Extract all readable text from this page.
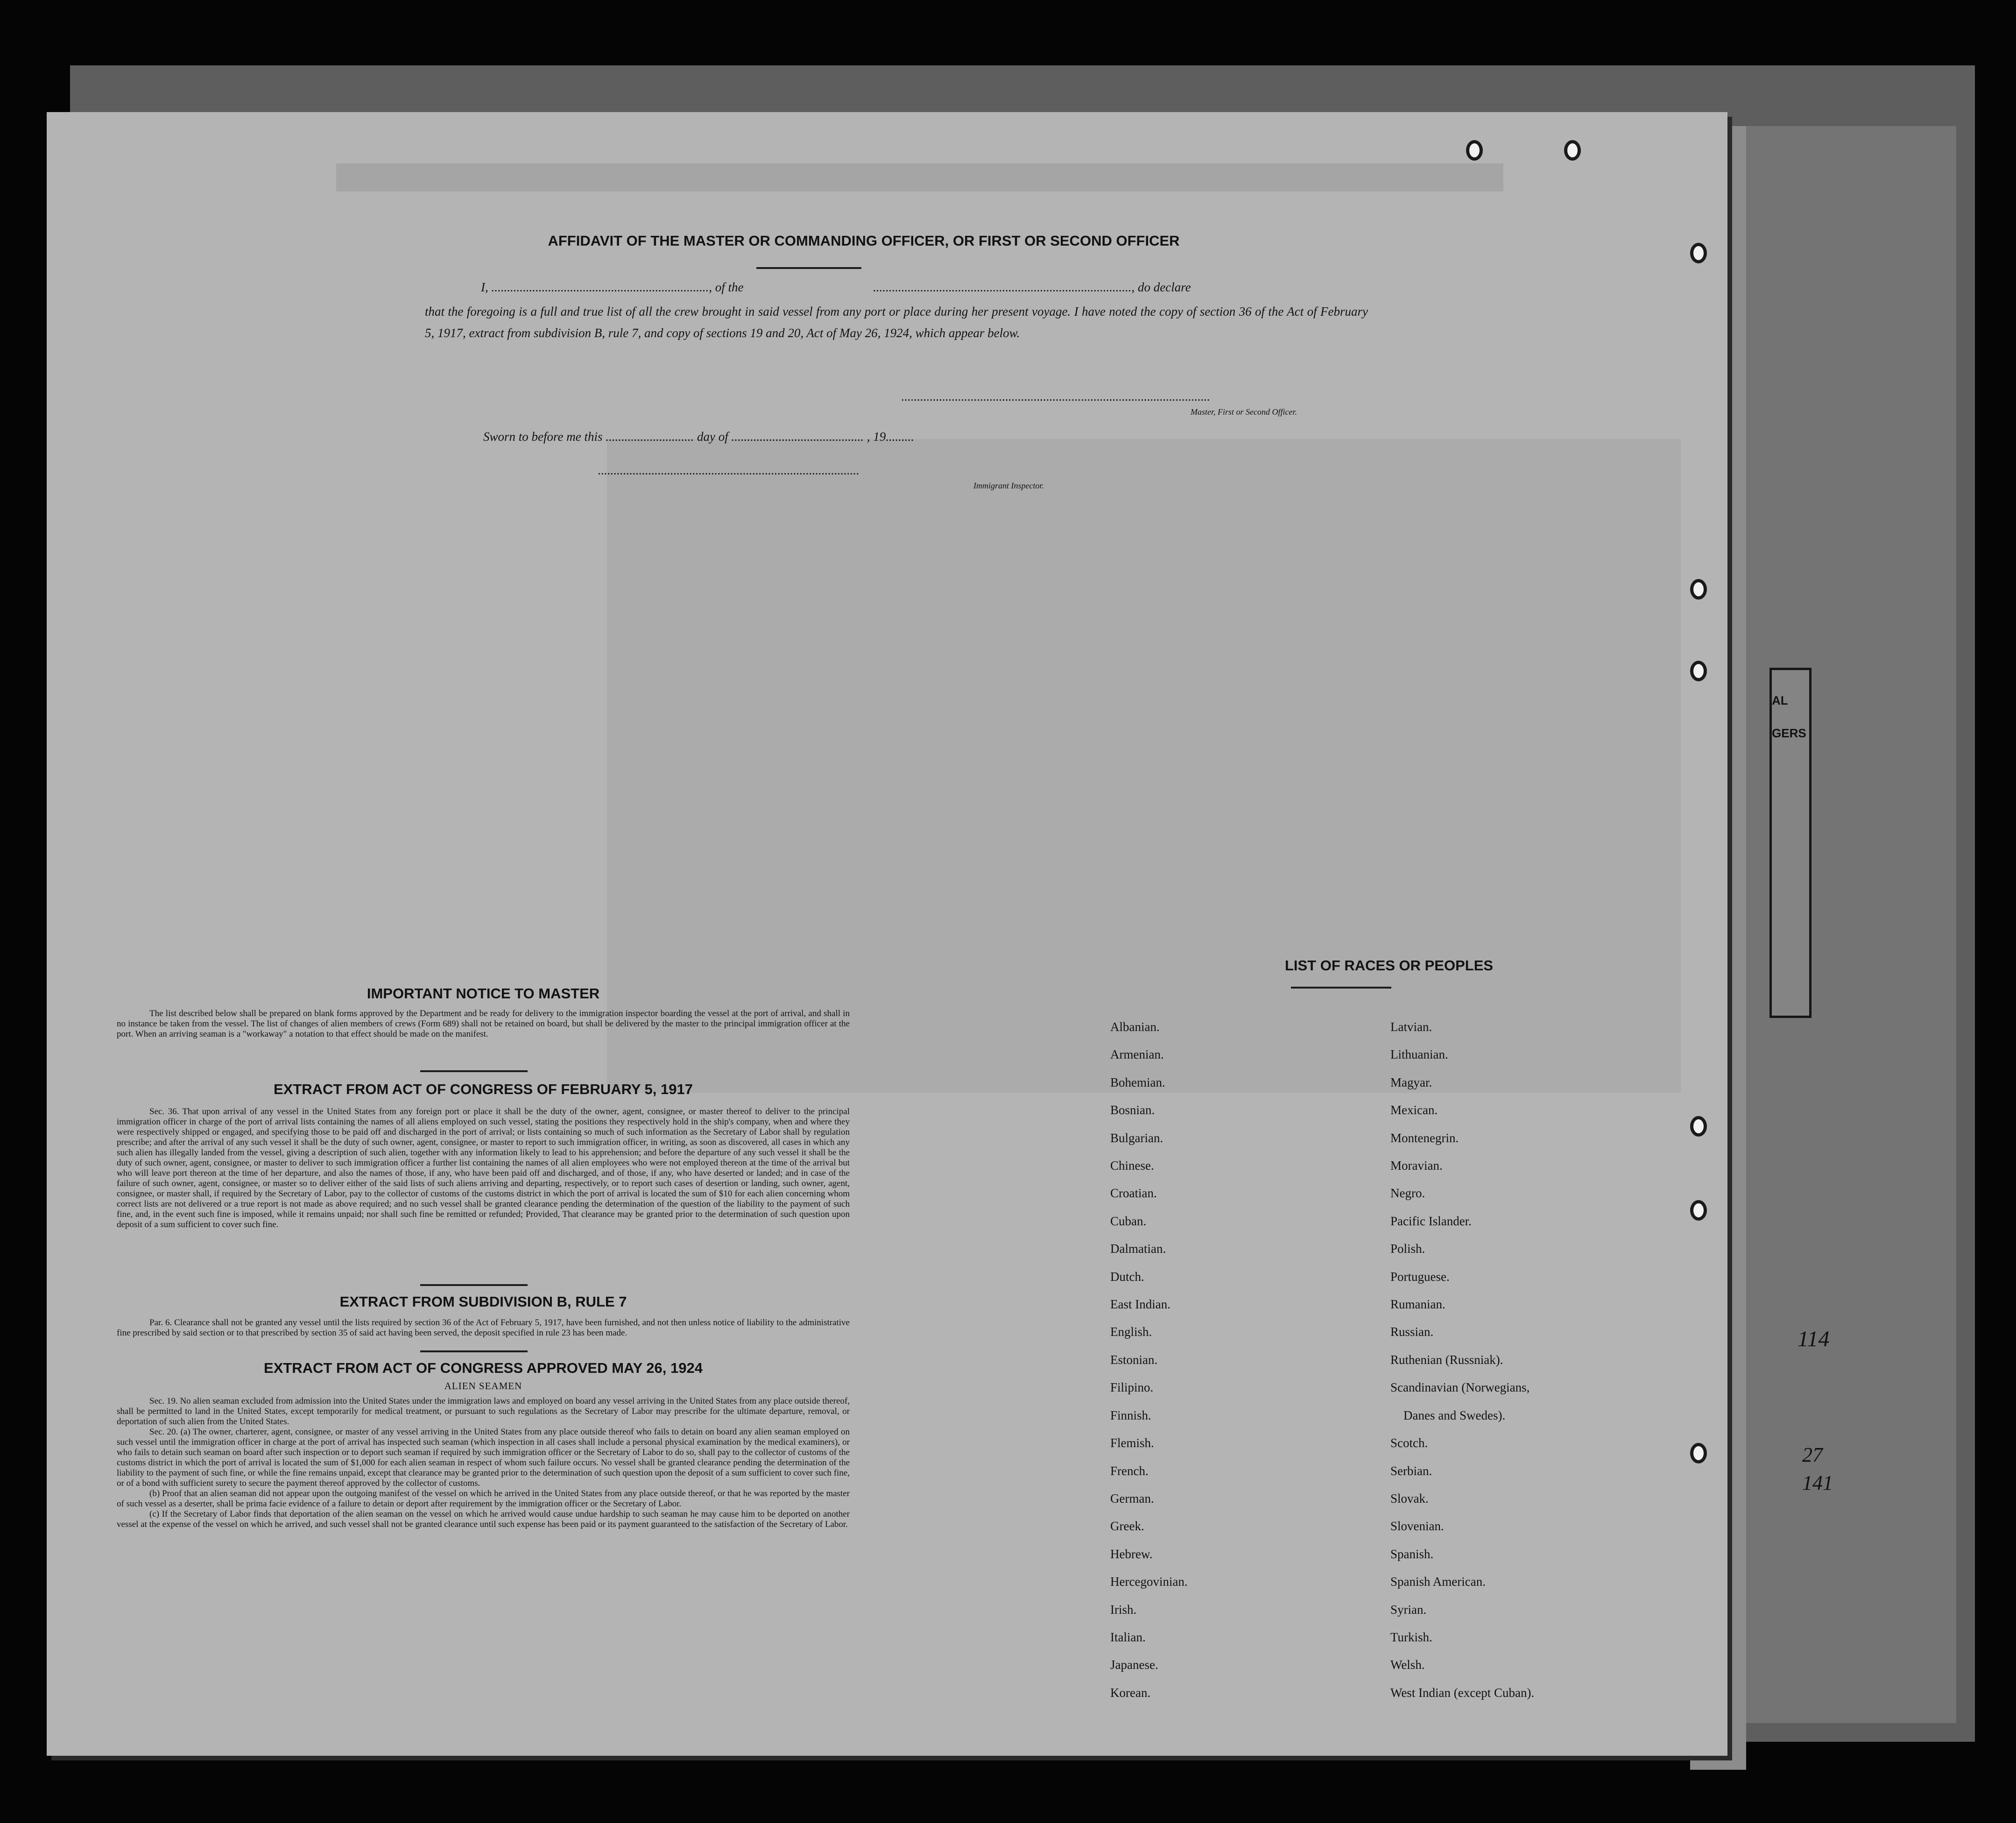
AL
GERS
114
27
141
AFFIDAVIT OF THE MASTER OR COMMANDING OFFICER, OR FIRST OR SECOND OFFICER
I, ....................................................................., of the	.................................................................................., do declare
that the foregoing is a full and true list of all the crew brought in said vessel from any port or place during her present voyage. I have noted the copy of section 36 of the Act of February 5, 1917, extract from subdivision B, rule 7, and copy of sections 19 and 20, Act of May 26, 1924, which appear below.
..................................................................................................
Master, First or Second Officer.
Sworn to before me this ............................ day of .......................................... , 19.........
...................................................................................
Immigrant Inspector.
IMPORTANT NOTICE TO MASTER

The list described below shall be prepared on blank forms approved by the Department and be ready for delivery to the immigration inspector boarding the vessel at the port of arrival, and shall in no instance be taken from the vessel. The list of changes of alien members of crews (Form 689) shall not be retained on board, but shall be delivered by the master to the principal immigration officer at the port. When an arriving seaman is a "workaway" a notation to that effect should be made on the manifest.

EXTRACT FROM ACT OF CONGRESS OF FEBRUARY 5, 1917

Sec. 36. That upon arrival of any vessel in the United States from any foreign port or place it shall be the duty of the owner, agent, consignee, or master thereof to deliver to the principal immigration officer in charge of the port of arrival lists containing the names of all aliens employed on such vessel, stating the positions they respectively hold in the ship's company, when and where they were respectively shipped or engaged, and specifying those to be paid off and discharged in the port of arrival; or lists containing so much of such information as the Secretary of Labor shall by regulation prescribe; and after the arrival of any such vessel it shall be the duty of such owner, agent, consignee, or master to report to such immigration officer, in writing, as soon as discovered, all cases in which any such alien has illegally landed from the vessel, giving a description of such alien, together with any information likely to lead to his apprehension; and before the departure of any such vessel it shall be the duty of such owner, agent, consignee, or master to deliver to such immigration officer a further list containing the names of all alien employees who were not employed thereon at the time of the arrival but who will leave port thereon at the time of her departure, and also the names of those, if any, who have been paid off and discharged, and of those, if any, who have deserted or landed; and in case of the failure of such owner, agent, consignee, or master so to deliver either of the said lists of such aliens arriving and departing, respectively, or to report such cases of desertion or landing, such owner, agent, consignee, or master shall, if required by the Secretary of Labor, pay to the collector of customs of the customs district in which the port of arrival is located the sum of $10 for each alien concerning whom correct lists are not delivered or a true report is not made as above required; and no such vessel shall be granted clearance pending the determination of the question of the liability to the payment of such fine, and, in the event such fine is imposed, while it remains unpaid; nor shall such fine be remitted or refunded; Provided, That clearance may be granted prior to the determination of such question upon deposit of a sum sufficient to cover such fine.

EXTRACT FROM SUBDIVISION B, RULE 7

Par. 6. Clearance shall not be granted any vessel until the lists required by section 36 of the Act of February 5, 1917, have been furnished, and not then unless notice of liability to the administrative fine prescribed by said section or to that prescribed by section 35 of said act having been served, the deposit specified in rule 23 has been made.

EXTRACT FROM ACT OF CONGRESS APPROVED MAY 26, 1924
ALIEN SEAMEN

Sec. 19. No alien seaman excluded from admission into the United States under the immigration laws and employed on board any vessel arriving in the United States from any place outside thereof, shall be permitted to land in the United States, except temporarily for medical treatment, or pursuant to such regulations as the Secretary of Labor may prescribe for the ultimate departure, removal, or deportation of such alien from the United States.

Sec. 20. (a) The owner, charterer, agent, consignee, or master of any vessel arriving in the United States from any place outside thereof who fails to detain on board any alien seaman employed on such vessel until the immigration officer in charge at the port of arrival has inspected such seaman (which inspection in all cases shall include a personal physical examination by the medical examiners), or who fails to detain such seaman on board after such inspection or to deport such seaman if required by such immigration officer or the Secretary of Labor to do so, shall pay to the collector of customs of the customs district in which the port of arrival is located the sum of $1,000 for each alien seaman in respect of whom such failure occurs. No vessel shall be granted clearance pending the determination of the liability to the payment of such fine, or while the fine remains unpaid, except that clearance may be granted prior to the determination of such question upon the deposit of a sum sufficient to cover such fine, or of a bond with sufficient surety to secure the payment thereof approved by the collector of customs.

(b) Proof that an alien seaman did not appear upon the outgoing manifest of the vessel on which he arrived in the United States from any place outside thereof, or that he was reported by the master of such vessel as a deserter, shall be prima facie evidence of a failure to detain or deport after requirement by the immigration officer or the Secretary of Labor.

(c) If the Secretary of Labor finds that deportation of the alien seaman on the vessel on which he arrived would cause undue hardship to such seaman he may cause him to be deported on another vessel at the expense of the vessel on which he arrived, and such vessel shall not be granted clearance until such expense has been paid or its payment guaranteed to the satisfaction of the Secretary of Labor.

LIST OF RACES OR PEOPLES
Albanian.
Armenian.
Bohemian.
Bosnian.
Bulgarian.
Chinese.
Croatian.
Cuban.
Dalmatian.
Dutch.
East Indian.
English.
Estonian.
Filipino.
Finnish.
Flemish.
French.
German.
Greek.
Hebrew.
Hercegovinian.
Irish.
Italian.
Japanese.
Korean.
Latvian.
Lithuanian.
Magyar.
Mexican.
Montenegrin.
Moravian.
Negro.
Pacific Islander.
Polish.
Portuguese.
Rumanian.
Russian.
Ruthenian (Russniak).
Scandinavian (Norwegians,
Danes and Swedes).
Scotch.
Serbian.
Slovak.
Slovenian.
Spanish.
Spanish American.
Syrian.
Turkish.
Welsh.
West Indian (except Cuban).
